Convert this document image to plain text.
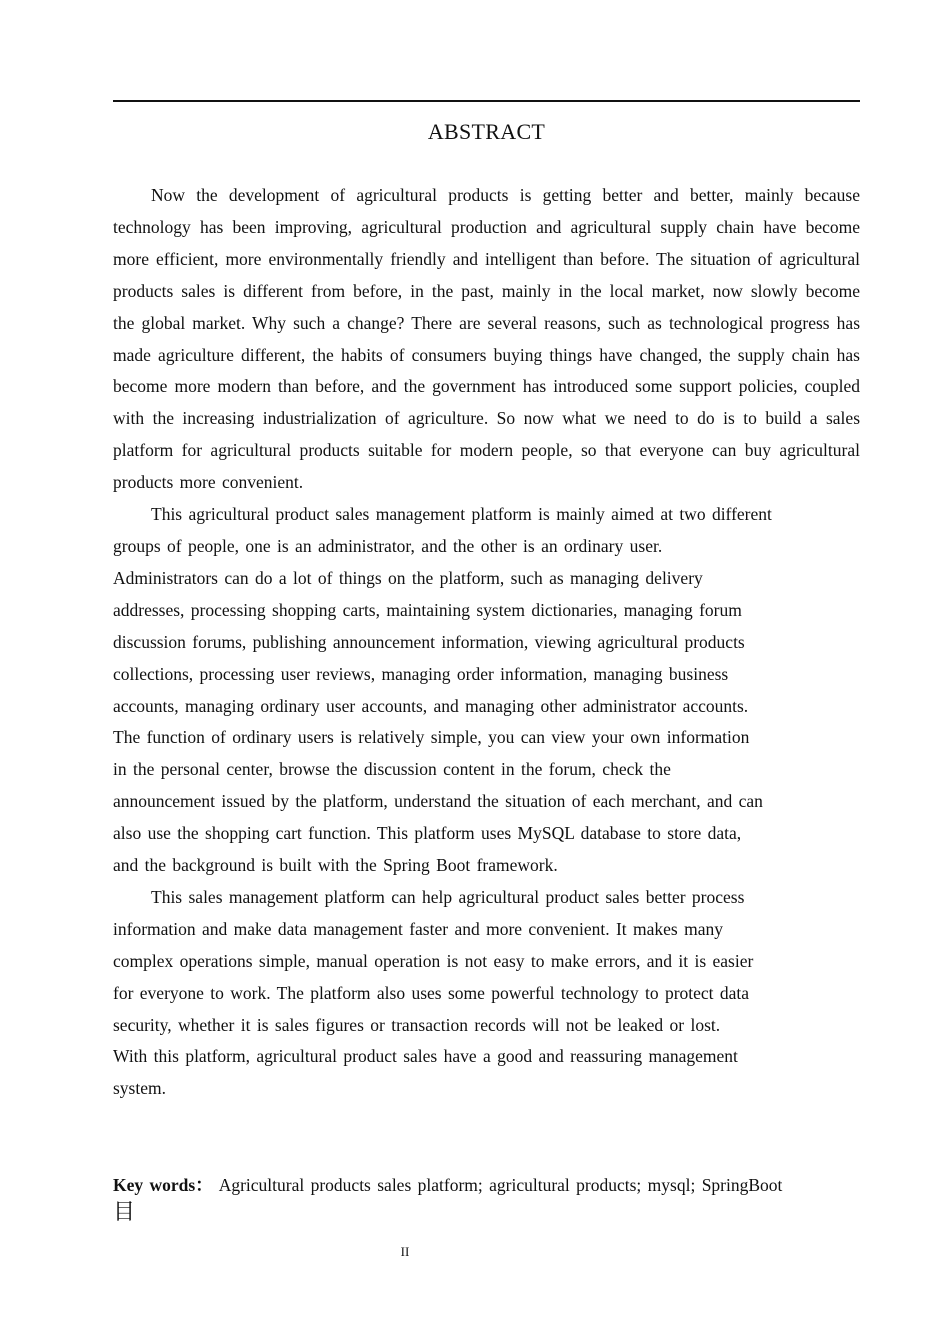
ABSTRACT

Now the development of agricultural products is getting better and better, mainly because technology has been improving, agricultural production and agricultural supply chain have become more efficient, more environmentally friendly and intelligent than before. The situation of agricultural products sales is different from before, in the past, mainly in the local market, now slowly become the global market. Why such a change? There are several reasons, such as technological progress has made agriculture different, the habits of consumers buying things have changed, the supply chain has become more modern than before, and the government has introduced some support policies, coupled with the increasing industrialization of agriculture. So now what we need to do is to build a sales platform for agricultural products suitable for modern people, so that everyone can buy agricultural products more convenient.

This agricultural product sales management platform is mainly aimed at two different
groups of people, one is an administrator, and the other is an ordinary user.
Administrators can do a lot of things on the platform, such as managing delivery
addresses, processing shopping carts, maintaining system dictionaries, managing forum
discussion forums, publishing announcement information, viewing agricultural products
collections, processing user reviews, managing order information, managing business
accounts, managing ordinary user accounts, and managing other administrator accounts.
The function of ordinary users is relatively simple, you can view your own information
in the personal center, browse the discussion content in the forum, check the
announcement issued by the platform, understand the situation of each merchant, and can
also use the shopping cart function. This platform uses MySQL database to store data,
and the background is built with the Spring Boot framework.

This sales management platform can help agricultural product sales better process
information and make data management faster and more convenient. It makes many
complex operations simple, manual operation is not easy to make errors, and it is easier
for everyone to work. The platform also uses some powerful technology to protect data
security, whether it is sales figures or transaction records will not be leaked or lost.
With this platform, agricultural product sales have a good and reassuring management
system.

Key words： Agricultural products sales platform; agricultural products; mysql; SpringBoot
目
II
